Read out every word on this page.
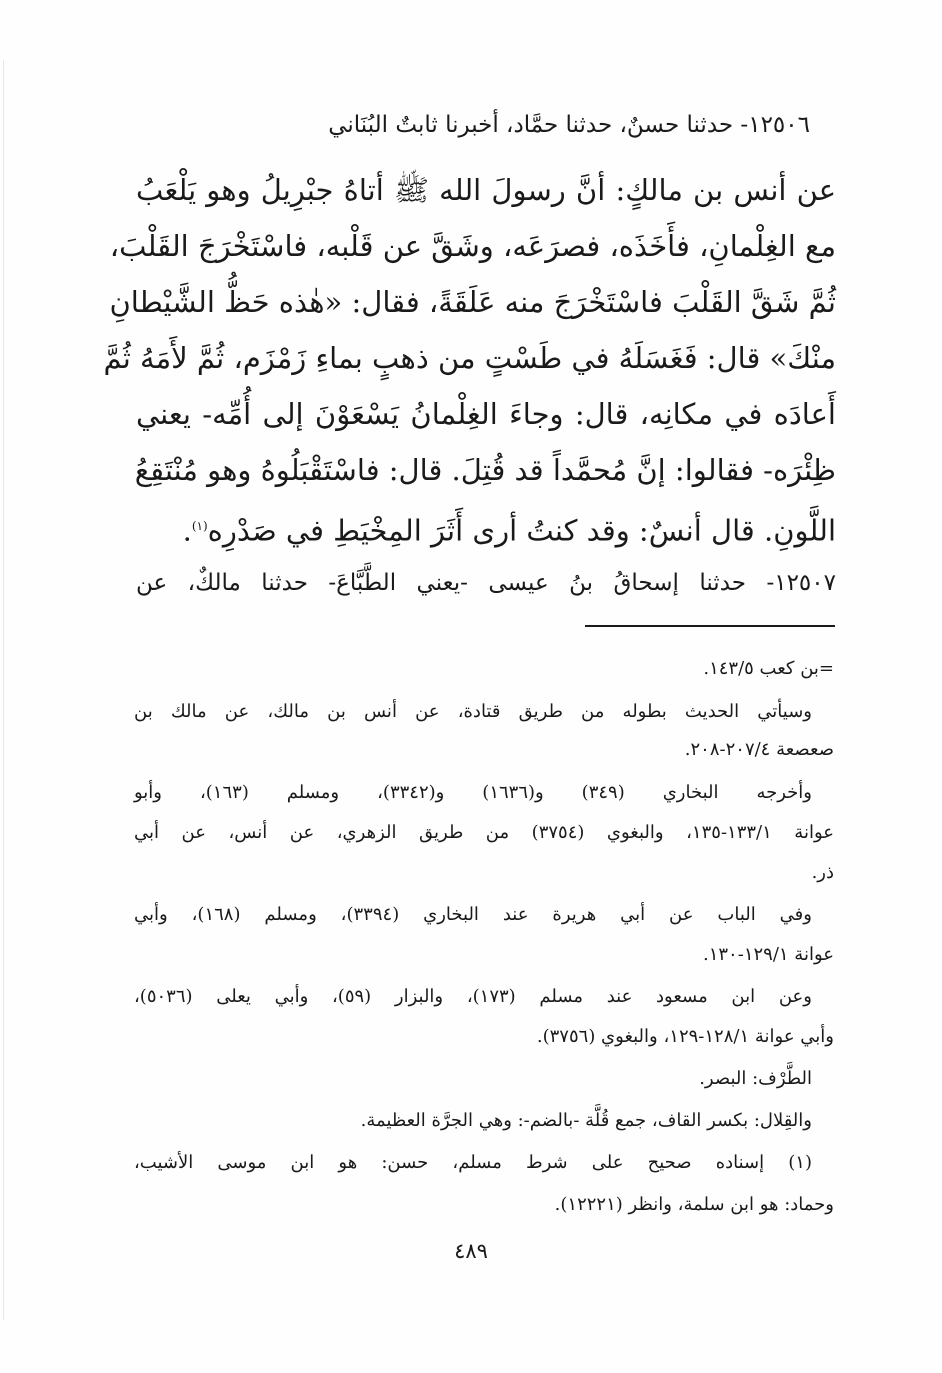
١٢٥٠٦- حدثنا حسنٌ، حدثنا حمَّاد، أخبرنا ثابتٌ البُنَاني
عن أنس بن مالكٍ: أنَّ رسولَ الله ﷺ أتاهُ جبْرِيلُ وهو يَلْعَبُ
مع الغِلْمانِ، فأَخَذَه، فصرَعَه، وشَقَّ عن قَلْبه، فاسْتَخْرَجَ القَلْبَ،
ثُمَّ شَقَّ القَلْبَ فاسْتَخْرَجَ منه عَلَقَةً، فقال: «هٰذه حَظُّ الشَّيْطانِ
منْكَ» قال: فَغَسَلَهُ في طَسْتٍ من ذهبٍ بماءِ زَمْزَم، ثُمَّ لأَمَهُ ثُمَّ
أَعادَه في مكانِه، قال: وجاءَ الغِلْمانُ يَسْعَوْنَ إلى أُمِّه- يعني
ظِئْرَه- فقالوا: إنَّ مُحمَّداً قد قُتِلَ. قال: فاسْتَقْبَلُوهُ وهو مُنْتَقِعُ
اللَّونِ. قال أنسٌ: وقد كنتُ أرى أَثَرَ المِخْيَطِ في صَدْرِه$^{(١)}$.
١٢٥٠٧- حدثنا إسحاقُ بنُ عيسى -يعني الطَّبَّاعَ- حدثنا مالكٌ، عن
=بن كعب ١٤٣/٥.
وسيأتي الحديث بطوله من طريق قتادة، عن أنس بن مالك، عن مالك بن
صعصعة ٢٠٧/٤-٢٠٨.
وأخرجه البخاري (٣٤٩) و(١٦٣٦) و(٣٣٤٢)، ومسلم (١٦٣)، وأبو
عوانة ١٣٣/١-١٣٥، والبغوي (٣٧٥٤) من طريق الزهري، عن أنس، عن أبي
ذر.
وفي الباب عن أبي هريرة عند البخاري (٣٣٩٤)، ومسلم (١٦٨)، وأبي
عوانة ١٢٩/١-١٣٠.
وعن ابن مسعود عند مسلم (١٧٣)، والبزار (٥٩)، وأبي يعلى (٥٠٣٦)،
وأبي عوانة ١٢٨/١-١٢٩، والبغوي (٣٧٥٦).
الطَّرْف: البصر.
والقِلال: بكسر القاف، جمع قُلَّة -بالضم-: وهي الجرَّة العظيمة.
(١) إسناده صحيح على شرط مسلم، حسن: هو ابن موسى الأشيب،
وحماد: هو ابن سلمة، وانظر (١٢٢٢١).
٤٨٩
